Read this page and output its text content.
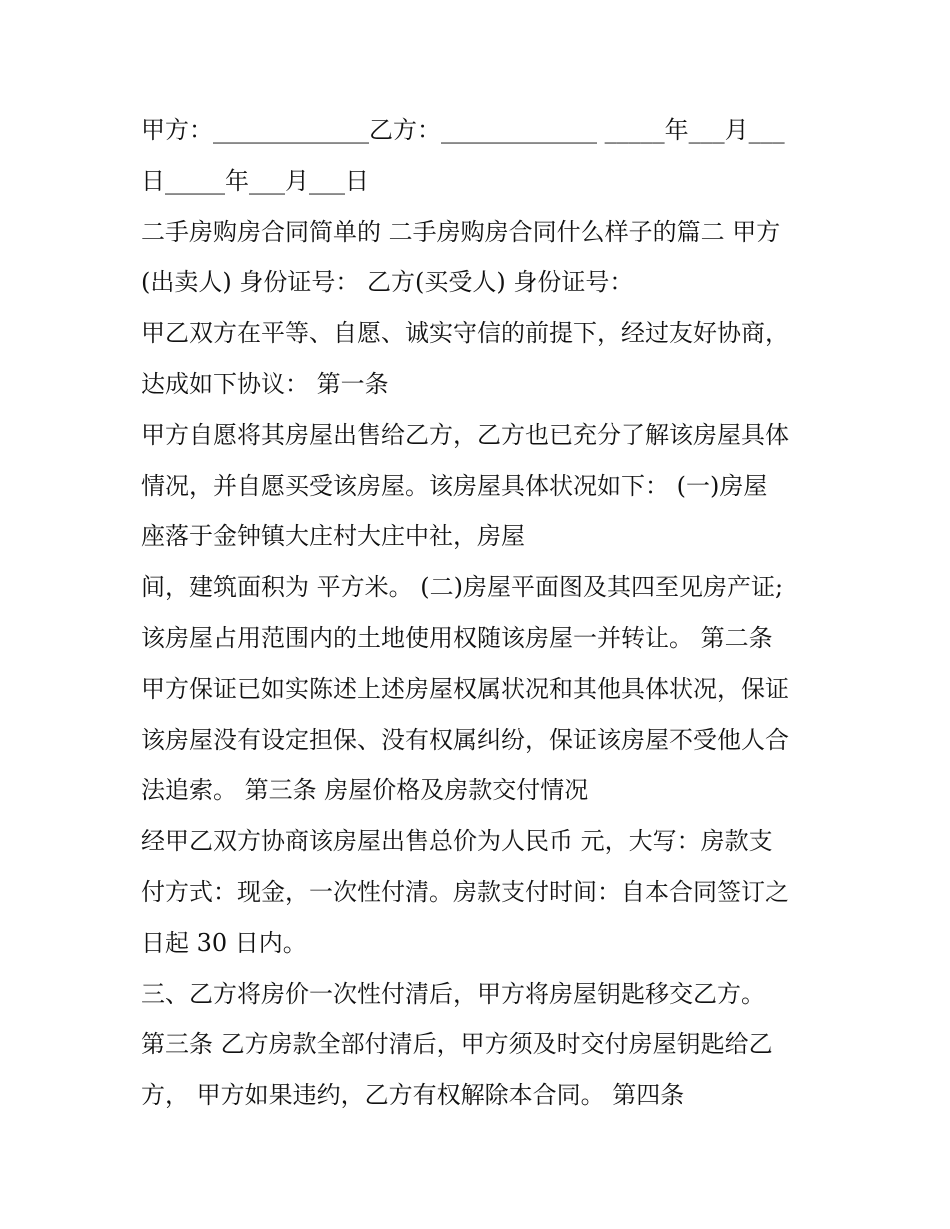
甲方：_____________乙方：_____________ _____年___月___
日_____年___月___日
二手房购房合同简单的 二手房购房合同什么样子的篇二 甲方
(出卖人) 身份证号： 乙方(买受人) 身份证号：
甲乙双方在平等、自愿、诚实守信的前提下，经过友好协商，
达成如下协议： 第一条
甲方自愿将其房屋出售给乙方，乙方也已充分了解该房屋具体
情况，并自愿买受该房屋。该房屋具体状况如下： (一)房屋
座落于金钟镇大庄村大庄中社，房屋
间，建筑面积为 平方米。 (二)房屋平面图及其四至见房产证;
该房屋占用范围内的土地使用权随该房屋一并转让。 第二条
甲方保证已如实陈述上述房屋权属状况和其他具体状况，保证
该房屋没有设定担保、没有权属纠纷，保证该房屋不受他人合
法追索。 第三条 房屋价格及房款交付情况
经甲乙双方协商该房屋出售总价为人民币 元，大写：房款支
付方式：现金，一次性付清。房款支付时间：自本合同签订之
日起 30 日内。
三、乙方将房价一次性付清后，甲方将房屋钥匙移交乙方。
第三条 乙方房款全部付清后，甲方须及时交付房屋钥匙给乙
方， 甲方如果违约，乙方有权解除本合同。 第四条
